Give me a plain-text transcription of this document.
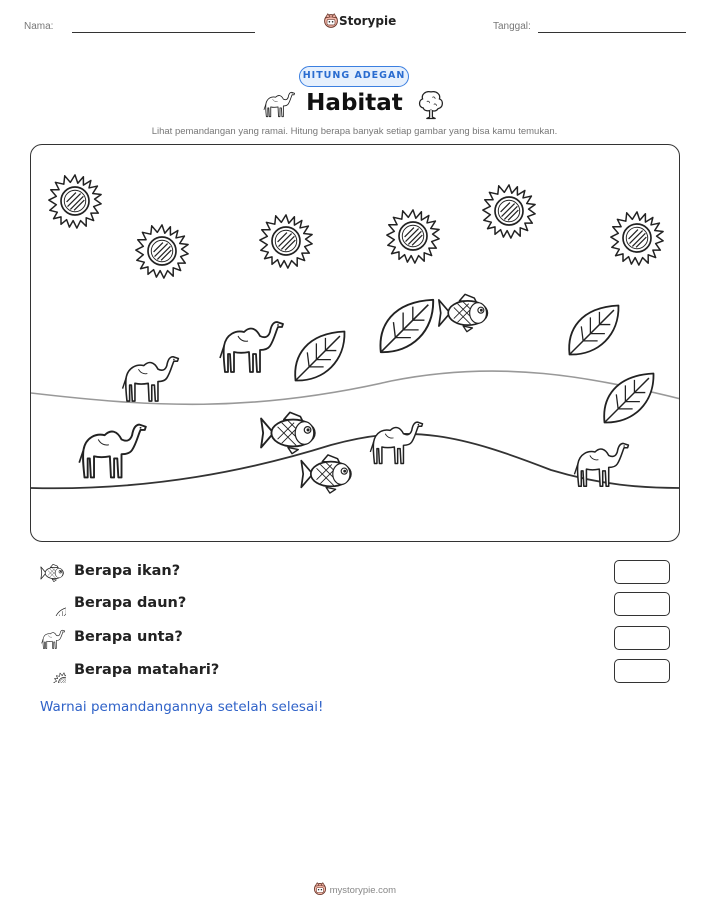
Nama:	Storypie	Tanggal:
HITUNG ADEGAN
Habitat
Lihat pemandangan yang ramai. Hitung berapa banyak setiap gambar yang bisa kamu temukan.
Berapa ikan?
Berapa daun?
Berapa unta?
Berapa matahari?
Warnai pemandangannya setelah selesai!
mystorypie.com
